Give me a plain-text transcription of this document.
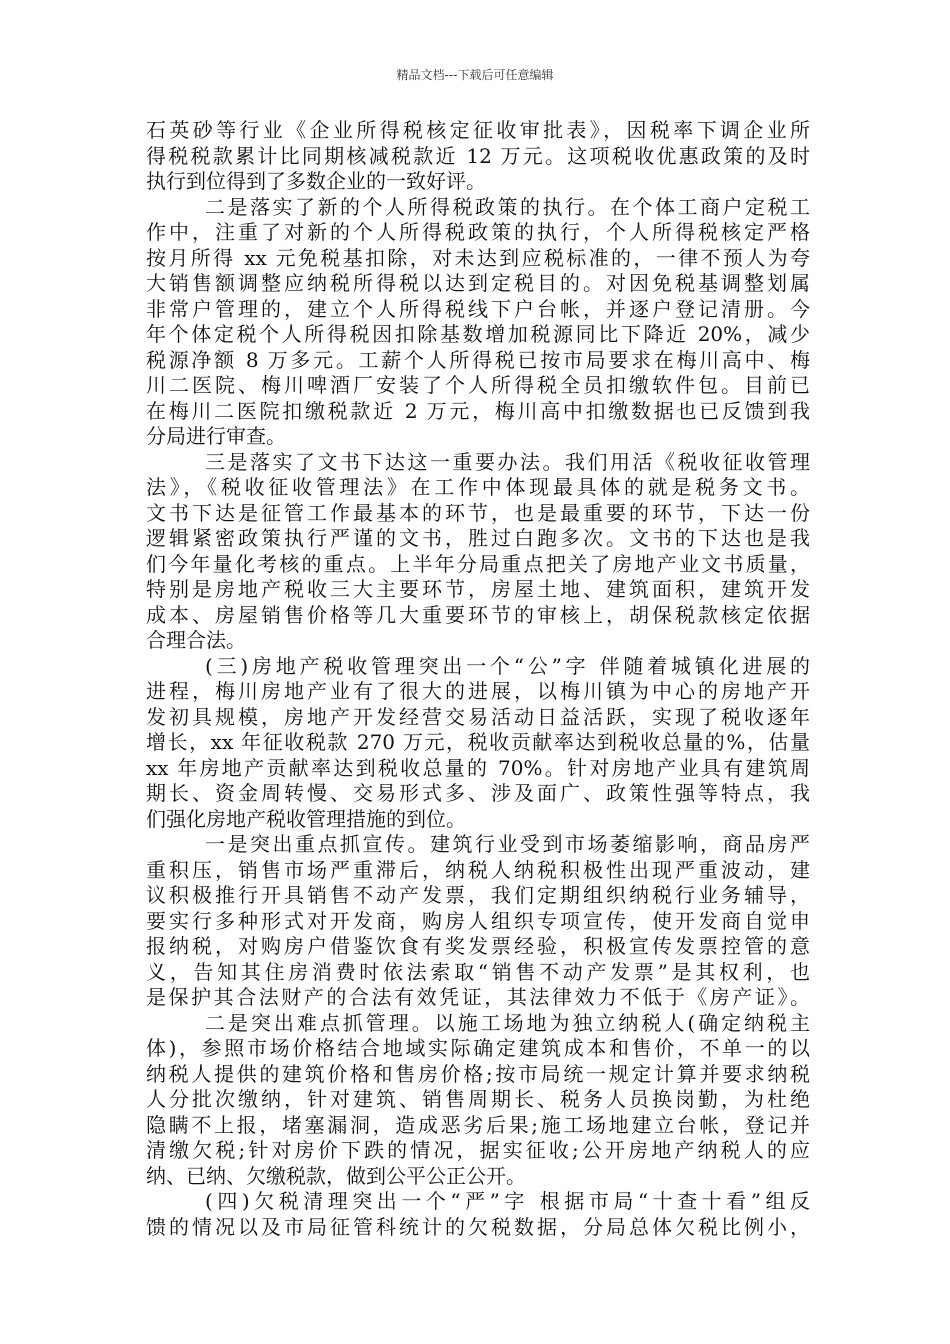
精品文档---下载后可任意编辑
石英砂等行业《企业所得税核定征收审批表》，因税率下调企业所
得税税款累计比同期核减税款近 12 万元。这项税收优惠政策的及时
执行到位得到了多数企业的一致好评。
二是落实了新的个人所得税政策的执行。在个体工商户定税工
作中，注重了对新的个人所得税政策的执行，个人所得税核定严格
按月所得 xx 元免税基扣除，对未达到应税标准的，一律不预人为夸
大销售额调整应纳税所得税以达到定税目的。对因免税基调整划属
非常户管理的，建立个人所得税线下户台帐，并逐户登记清册。今
年个体定税个人所得税因扣除基数增加税源同比下降近 20%，减少
税源净额 8 万多元。工薪个人所得税已按市局要求在梅川高中、梅
川二医院、梅川啤酒厂安装了个人所得税全员扣缴软件包。目前已
在梅川二医院扣缴税款近 2 万元，梅川高中扣缴数据也已反馈到我
分局进行审查。
三是落实了文书下达这一重要办法。我们用活《税收征收管理
法》，《税收征收管理法》在工作中体现最具体的就是税务文书。
文书下达是征管工作最基本的环节，也是最重要的环节，下达一份
逻辑紧密政策执行严谨的文书，胜过白跑多次。文书的下达也是我
们今年量化考核的重点。上半年分局重点把关了房地产业文书质量，
特别是房地产税收三大主要环节，房屋土地、建筑面积，建筑开发
成本、房屋销售价格等几大重要环节的审核上，胡保税款核定依据
合理合法。
(三)房地产税收管理突出一个“公”字 伴随着城镇化进展的
进程，梅川房地产业有了很大的进展，以梅川镇为中心的房地产开
发初具规模，房地产开发经营交易活动日益活跃，实现了税收逐年
增长，xx 年征收税款 270 万元，税收贡献率达到税收总量的%，估量
xx 年房地产贡献率达到税收总量的 70%。针对房地产业具有建筑周
期长、资金周转慢、交易形式多、涉及面广、政策性强等特点，我
们强化房地产税收管理措施的到位。
一是突出重点抓宣传。建筑行业受到市场萎缩影响，商品房严
重积压，销售市场严重滞后，纳税人纳税积极性出现严重波动，建
议积极推行开具销售不动产发票，我们定期组织纳税行业务辅导，
要实行多种形式对开发商，购房人组织专项宣传，使开发商自觉申
报纳税，对购房户借鉴饮食有奖发票经验，积极宣传发票控管的意
义，告知其住房消费时依法索取“销售不动产发票”是其权利，也
是保护其合法财产的合法有效凭证，其法律效力不低于《房产证》。
二是突出难点抓管理。以施工场地为独立纳税人(确定纳税主
体)，参照市场价格结合地域实际确定建筑成本和售价，不单一的以
纳税人提供的建筑价格和售房价格;按市局统一规定计算并要求纳税
人分批次缴纳，针对建筑、销售周期长、税务人员换岗勤，为杜绝
隐瞒不上报，堵塞漏洞，造成恶劣后果;施工场地建立台帐，登记并
清缴欠税;针对房价下跌的情况，据实征收;公开房地产纳税人的应
纳、已纳、欠缴税款，做到公平公正公开。
(四)欠税清理突出一个“严”字 根据市局“十查十看”组反
馈的情况以及市局征管科统计的欠税数据，分局总体欠税比例小，
